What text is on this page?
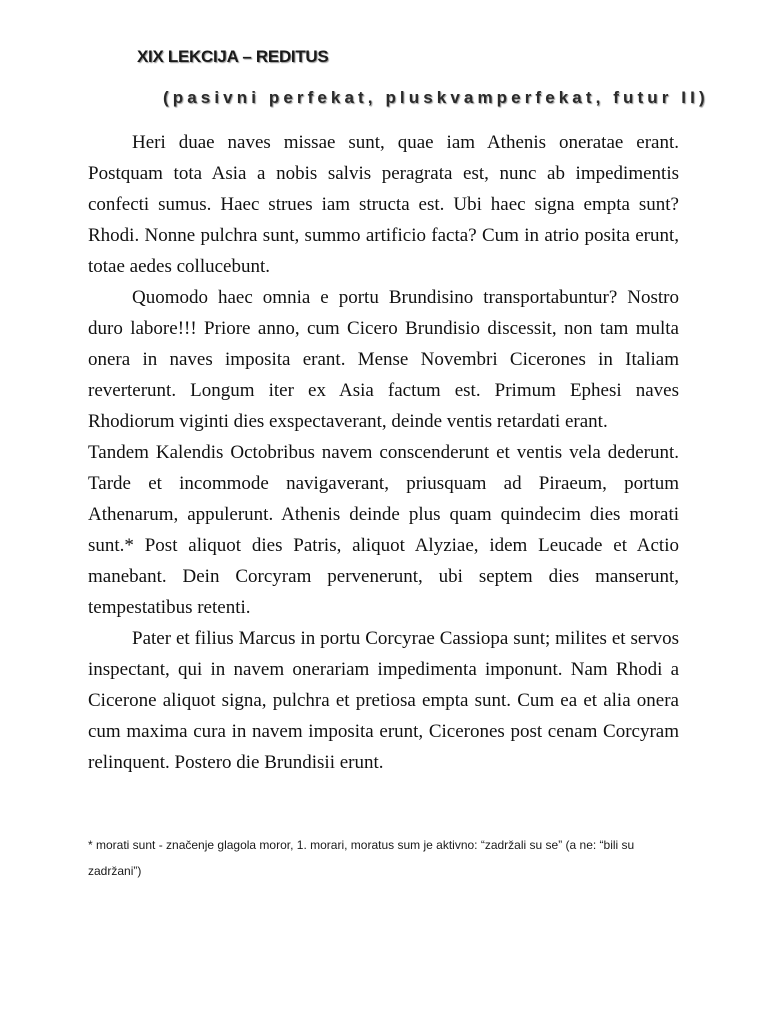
XIX LEKCIJA – REDITUS
(pasivni perfekat, pluskvamperfekat, futur II)

Heri duae naves missae sunt, quae iam Athenis oneratae erant. Postquam tota Asia a nobis salvis peragrata est, nunc ab impedimentis confecti sumus. Haec strues iam structa est. Ubi haec signa empta sunt? Rhodi. Nonne pulchra sunt, summo artificio facta? Cum in atrio posita erunt, totae aedes collucebunt.

Quomodo haec omnia e portu Brundisino transportabuntur? Nostro duro labore!!! Priore anno, cum Cicero Brundisio discessit, non tam multa onera in naves imposita erant. Mense Novembri Cicerones in Italiam reverterunt. Longum iter ex Asia factum est. Primum Ephesi naves Rhodiorum viginti dies exspectaverant, deinde ventis retardati erant.

Tandem Kalendis Octobribus navem conscenderunt et ventis vela dederunt. Tarde et incommode navigaverant, priusquam ad Piraeum, portum Athenarum, appulerunt. Athenis deinde plus quam quindecim dies morati sunt.* Post aliquot dies Patris, aliquot Alyziae, idem Leucade et Actio manebant. Dein Corcyram pervenerunt, ubi septem dies manserunt, tempestatibus retenti.

Pater et filius Marcus in portu Corcyrae Cassiopa sunt; milites et servos inspectant, qui in navem onerariam impedimenta imponunt. Nam Rhodi a Cicerone aliquot signa, pulchra et pretiosa empta sunt. Cum ea et alia onera cum maxima cura in navem imposita erunt, Cicerones post cenam Corcyram relinquent. Postero die Brundisii erunt.

* morati sunt - značenje glagola moror, 1. morari, moratus sum je aktivno: “zadržali su se” (a ne: “bili su zadržani”)
